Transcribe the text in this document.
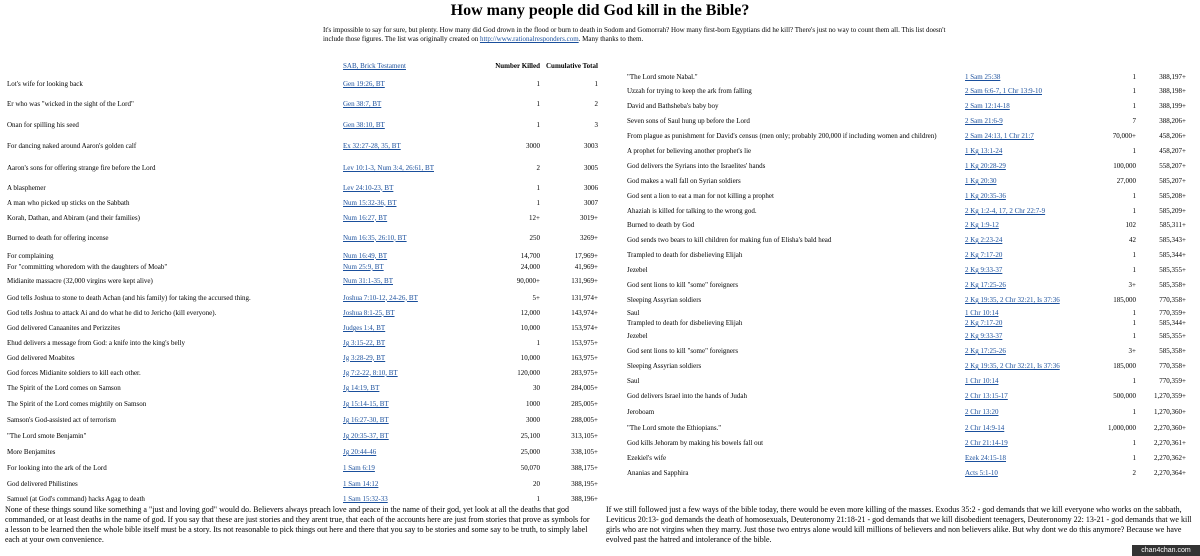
How many people did God kill in the Bible?
It's impossible to say for sure, but plenty. How many did God drown in the flood or burn to death in Sodom and Gomorrah? How many first-born Egyptians did he kill? There's just no way to count them all. This list doesn't include those figures. The list was originally created on http://www.rationalresponders.com. Many thanks to them.
	SAB, Brick Testament	Number Killed	Cumulative Total
Lot's wife for looking back	Gen 19:26, BT	1	1
Er who was "wicked in the sight of the Lord"	Gen 38:7, BT	1	2
Onan for spilling his seed	Gen 38:10, BT	1	3
For dancing naked around Aaron's golden calf	Ex 32:27-28, 35, BT	3000	3003
Aaron's sons for offering strange fire before the Lord	Lev 10:1-3, Num 3:4, 26:61, BT	2	3005
A blasphemer	Lev 24:10-23, BT	1	3006
A man who picked up sticks on the Sabbath	Num 15:32-36, BT	1	3007
Korah, Dathan, and Abiram (and their families)	Num 16:27, BT	12+	3019+
Burned to death for offering incense	Num 16:35, 26:10, BT	250	3269+
For complaining	Num 16:49, BT	14,700	17,969+
For "committing whoredom with the daughters of Moab"	Num 25:9, BT	24,000	41,969+
Midianite massacre (32,000 virgins were kept alive)	Num 31:1-35, BT	90,000+	131,969+
God tells Joshua to stone to death Achan (and his family) for taking the accursed thing.	Joshua 7:10-12, 24-26, BT	5+	131,974+
God tells Joshua to attack Ai and do what he did to Jericho (kill everyone).	Joshua 8:1-25, BT	12,000	143,974+
God delivered Canaanites and Perizzites	Judges 1:4, BT	10,000	153,974+
Ehud delivers a message from God: a knife into the king's belly	Jg 3:15-22, BT	1	153,975+
God delivered Moabites	Jg 3:28-29, BT	10,000	163,975+
God forces Midianite soldiers to kill each other.	Jg 7:2-22, 8:10, BT	120,000	283,975+
The Spirit of the Lord comes on Samson	Jg 14:19, BT	30	284,005+
The Spirit of the Lord comes mightily on Samson	Jg 15:14-15, BT	1000	285,005+
Samson's God-assisted act of terrorism	Jg 16:27-30, BT	3000	288,005+
"The Lord smote Benjamin"	Jg 20:35-37, BT	25,100	313,105+
More Benjamites	Jg 20:44-46	25,000	338,105+
For looking into the ark of the Lord	1 Sam 6:19	50,070	388,175+
God delivered Philistines	1 Sam 14:12	20	388,195+
Samuel (at God's command) hacks Agag to death	1 Sam 15:32-33	1	388,196+
"The Lord smote Nabal."	1 Sam 25:38	1	388,197+
Uzzah for trying to keep the ark from falling	2 Sam 6:6-7, 1 Chr 13:9-10	1	388,198+
David and Bathsheba's baby boy	2 Sam 12:14-18	1	388,199+
Seven sons of Saul hung up before the Lord	2 Sam 21:6-9	7	388,206+
From plague as punishment for David's census (men only; probably 200,000 if including women and children)	2 Sam 24:13, 1 Chr 21:7	70,000+	458,206+
A prophet for believing another prophet's lie	1 Kg 13:1-24	1	458,207+
God delivers the Syrians into the Israelites' hands	1 Kg 20:28-29	100,000	558,207+
God makes a wall fall on Syrian soldiers	1 Kg 20:30	27,000	585,207+
God sent a lion to eat a man for not killing a prophet	1 Kg 20:35-36	1	585,208+
Ahaziah is killed for talking to the wrong god.	2 Kg 1:2-4, 17, 2 Chr 22:7-9	1	585,209+
Burned to death by God	2 Kg 1:9-12	102	585,311+
God sends two bears to kill children for making fun of Elisha's bald head	2 Kg 2:23-24	42	585,343+
Trampled to death for disbelieving Elijah	2 Kg 7:17-20	1	585,344+
Jezebel	2 Kg 9:33-37	1	585,355+
God sent lions to kill "some" foreigners	2 Kg 17:25-26	3+	585,358+
Sleeping Assyrian soldiers	2 Kg 19:35, 2 Chr 32:21, Is 37:36	185,000	770,358+
Saul	1 Chr 10:14	1	770,359+
Trampled to death for disbelieving Elijah	2 Kg 7:17-20	1	585,344+
Jezebel	2 Kg 9:33-37	1	585,355+
God sent lions to kill "some" foreigners	2 Kg 17:25-26	3+	585,358+
Sleeping Assyrian soldiers	2 Kg 19:35, 2 Chr 32:21, Is 37:36	185,000	770,358+
Saul	1 Chr 10:14	1	770,359+
God delivers Israel into the hands of Judah	2 Chr 13:15-17	500,000	1,270,359+
Jeroboam	2 Chr 13:20	1	1,270,360+
"The Lord smote the Ethiopians."	2 Chr 14:9-14	1,000,000	2,270,360+
God kills Jehoram by making his bowels fall out	2 Chr 21:14-19	1	2,270,361+
Ezekiel's wife	Ezek 24:15-18	1	2,270,362+
Ananias and Sapphira	Acts 5:1-10	2	2,270,364+
None of these things sound like something a "just and loving god" would do. Believers always preach love and peace in the name of their god, yet look at all the deaths that god commanded, or at least deaths in the name of god. If you say that these are just stories and they arent true, that each of the accounts here are just from stories that prove as symbols for a lesson to be learned then the whole bible itself must be a story. Its not reasonable to pick things out here and there that you say to be stories and some say to be truth, to simply label each at your own convenience.
If we still followed just a few ways of the bible today, there would be even more killing of the masses. Exodus 35:2 - god demands that we kill everyone who works on the sabbath, Leviticus 20:13- god demands the death of homosexuals, Deuteronomy 21:18-21 - god demands that we kill disobedient teenagers, Deuteronomy 22: 13-21 - god demands that we kill girls who are not virgins when they marry. Just those two entrys alone would kill millions of believers and non believers alike. But why dont we do this anymore? Because we have evolved past the hatred and intolerance of the bible.
chan4chan.com
